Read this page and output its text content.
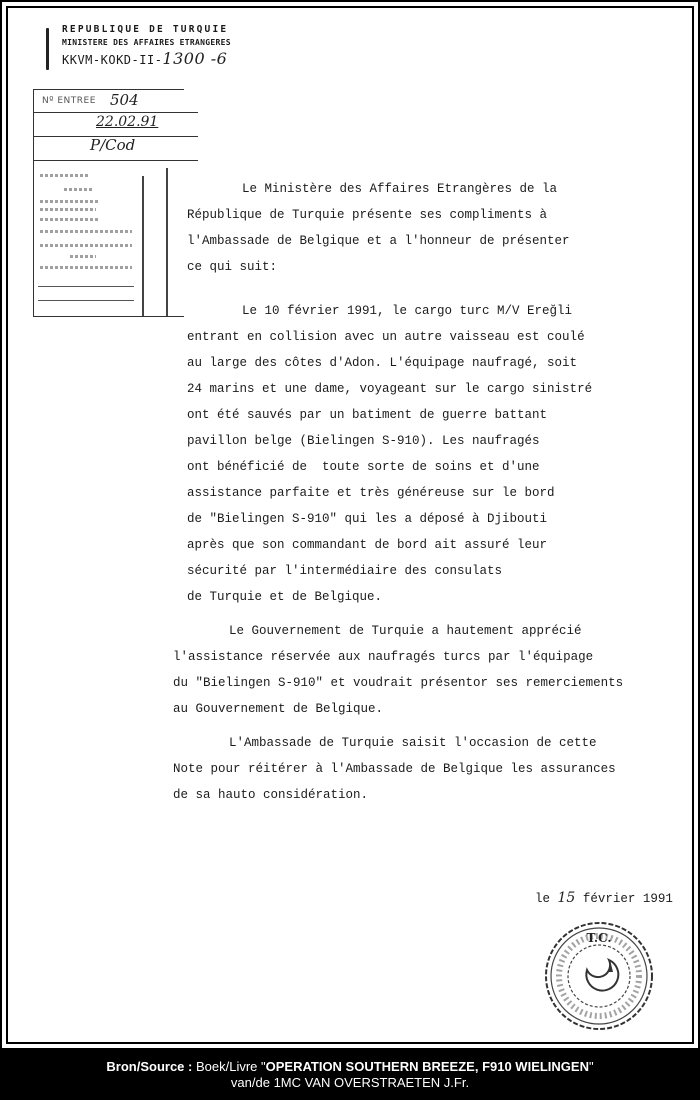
REPUBLIQUE DE TURQUIE
MINISTERE DES AFFAIRES ETRANGERES
KKVM-KOKD-II-1300 -6
Nº ENTREE 504
22.02.91
P/Cod

Le Ministère des Affaires Etrangères de la

République de Turquie présente ses compliments à

l'Ambassade de Belgique et a l'honneur de présenter

ce qui suit:

Le 10 février 1991, le cargo turc M/V Ereğli

entrant en collision avec un autre vaisseau est coulé

au large des côtes d'Adon. L'équipage naufragé, soit

24 marins et une dame, voyageant sur le cargo sinistré

ont été sauvés par un batiment de guerre battant

pavillon belge (Bielingen S-910). Les naufragés

ont bénéficié de  toute sorte de soins et d'une

assistance parfaite et très généreuse sur le bord

de "Bielingen S-910" qui les a déposé à Djibouti

après que son commandant de bord ait assuré leur

sécurité par l'intermédiaire des consulats

de Turquie et de Belgique.

Le Gouvernement de Turquie a hautement apprécié

l'assistance réservée aux naufragés turcs par l'équipage

du "Bielingen S-910" et voudrait présentor ses remerciements

au Gouvernement de Belgique.

L'Ambassade de Turquie saisit l'occasion de cette

Note pour réitérer à l'Ambassade de Belgique les assurances

de sa hauto considération.

le 15 février 1991
T.C.
Bron/Source : Boek/Livre "OPERATION SOUTHERN BREEZE, F910 WIELINGEN"
van/de 1MC VAN OVERSTRAETEN J.Fr.
